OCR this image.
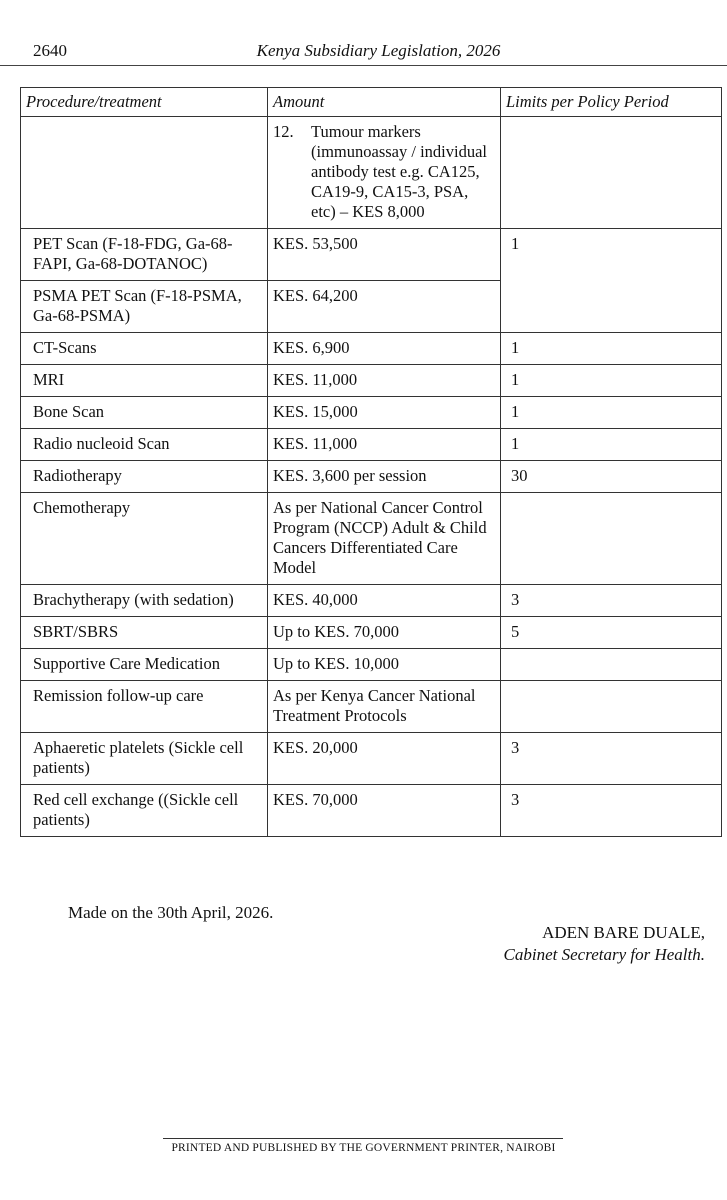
2640	Kenya Subsidiary Legislation, 2026
Procedure/treatment	Amount	Limits per Policy Period

	12. Tumour markers (immunoassay / individual antibody test e.g. CA125, CA19-9, CA15-3, PSA, etc) – KES 8,000	

PET Scan (F-18-FDG, Ga-68-FAPI, Ga-68-DOTANOC)	KES. 53,500	1
PSMA PET Scan (F-18-PSMA, Ga-68-PSMA)	KES. 64,200	
CT-Scans	KES. 6,900	1
MRI	KES. 11,000	1
Bone Scan	KES. 15,000	1
Radio nucleoid Scan	KES. 11,000	1
Radiotherapy	KES. 3,600 per session	30
Chemotherapy	As per National Cancer Control Program (NCCP) Adult & Child Cancers Differentiated Care Model	
Brachytherapy (with sedation)	KES. 40,000	3
SBRT/SBRS	Up to KES. 70,000	5
Supportive Care Medication	Up to KES. 10,000	
Remission follow-up care	As per Kenya Cancer National Treatment Protocols	
Aphaeretic platelets (Sickle cell patients)	KES. 20,000	3
Red cell exchange ((Sickle cell patients)	KES. 70,000	3
Made on the 30th April, 2026.
ADEN BARE DUALE,
Cabinet Secretary for Health.
PRINTED AND PUBLISHED BY THE GOVERNMENT PRINTER, NAIROBI
